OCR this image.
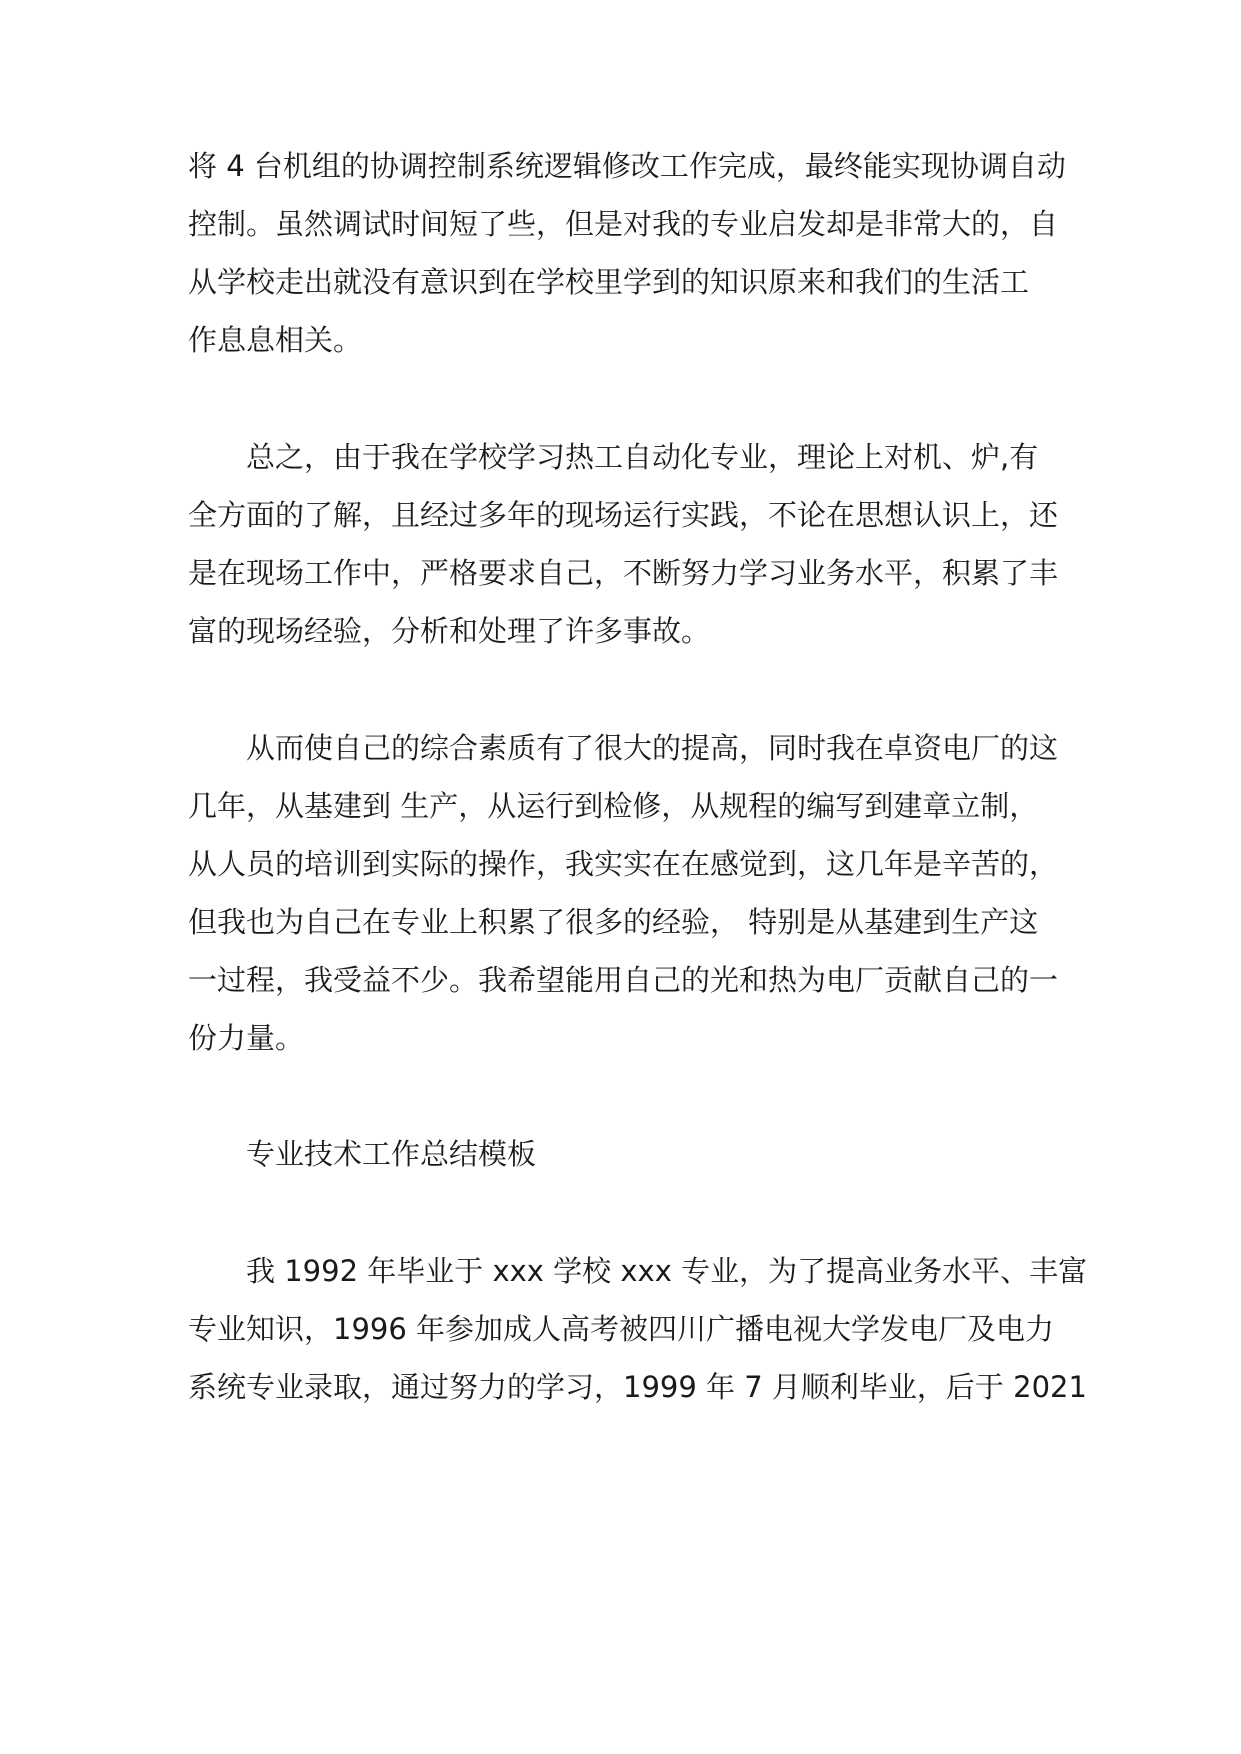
将 4 台机组的协调控制系统逻辑修改工作完成，最终能实现协调自动
控制。虽然调试时间短了些，但是对我的专业启发却是非常大的，自
从学校走出就没有意识到在学校里学到的知识原来和我们的生活工
作息息相关。
总之，由于我在学校学习热工自动化专业，理论上对机、炉,有
全方面的了解，且经过多年的现场运行实践，不论在思想认识上，还
是在现场工作中，严格要求自己，不断努力学习业务水平，积累了丰
富的现场经验，分析和处理了许多事故。
从而使自己的综合素质有了很大的提高，同时我在卓资电厂的这
几年，从基建到 生产，从运行到检修，从规程的编写到建章立制，
从人员的培训到实际的操作，我实实在在感觉到，这几年是辛苦的，
但我也为自己在专业上积累了很多的经验， 特别是从基建到生产这
一过程，我受益不少。我希望能用自己的光和热为电厂贡献自己的一
份力量。
专业技术工作总结模板
我 1992 年毕业于 xxx 学校 xxx 专业，为了提高业务水平、丰富
专业知识，1996 年参加成人高考被四川广播电视大学发电厂及电力
系统专业录取，通过努力的学习，1999 年 7 月顺利毕业，后于 2021
